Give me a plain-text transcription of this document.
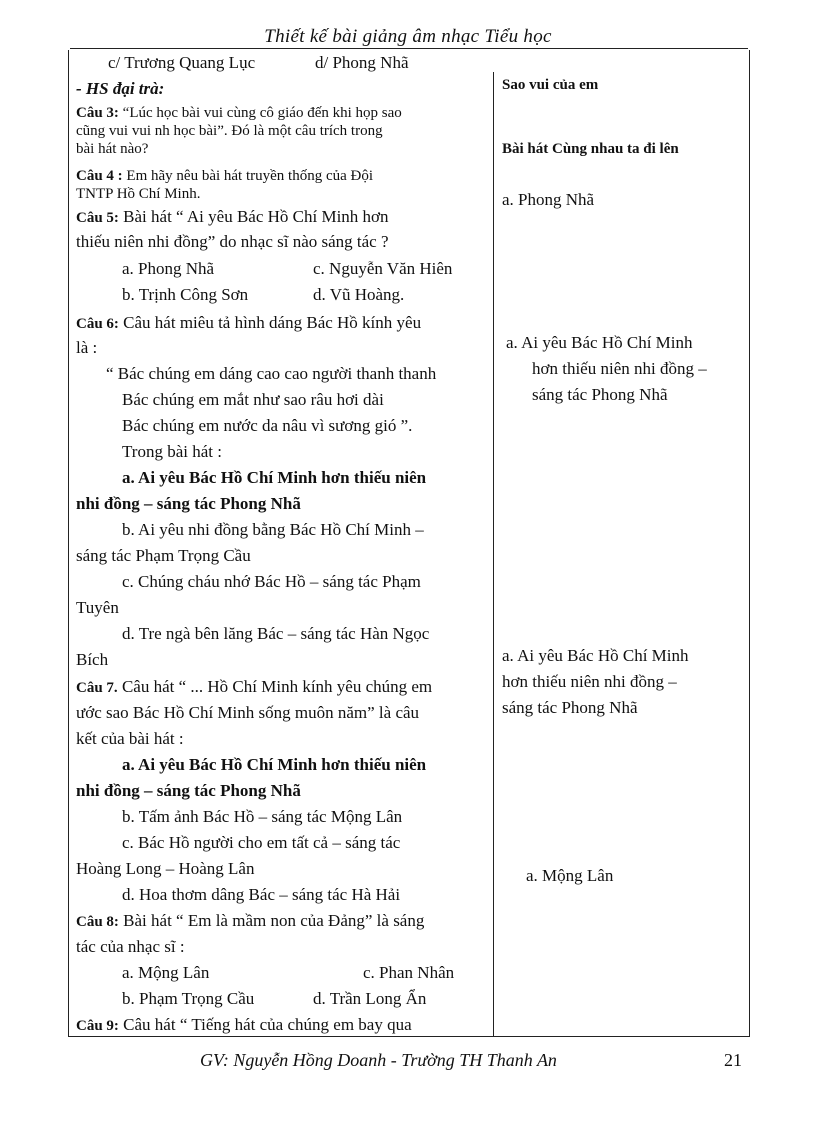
Thiết kế bài giảng âm nhạc Tiểu học
c/ Trương Quang Lục	d/ Phong Nhã
- HS đại trà:
Câu 3: “Lúc học bài vui cùng cô giáo đến khi họp sao
cũng vui vui nh học bài”. Đó là một câu trích trong
bài hát nào?
Câu 4 : Em hãy nêu bài hát truyền thống của Đội
TNTP Hồ Chí Minh.
Câu 5: Bài hát “ Ai yêu Bác Hồ Chí Minh hơn
thiếu niên nhi đồng” do nhạc sĩ nào sáng tác ?
a. Phong Nhã	c. Nguyễn Văn Hiên
b. Trịnh Công Sơn	d. Vũ Hoàng.
Câu 6: Câu hát miêu tả hình dáng Bác Hồ kính yêu
là :
“ Bác chúng em dáng cao cao người thanh thanh
Bác chúng em mắt như sao râu hơi dài
Bác chúng em nước da nâu vì sương gió ”.
Trong bài hát :
a. Ai yêu Bác Hồ Chí Minh hơn thiếu niên
nhi đồng – sáng tác Phong Nhã
b. Ai yêu nhi đồng bằng Bác Hồ Chí Minh –
sáng tác Phạm Trọng Cầu
c. Chúng cháu nhớ Bác Hồ – sáng tác Phạm
Tuyên
d. Tre ngà bên lăng Bác – sáng tác Hàn Ngọc
Bích
Câu 7. Câu hát “ ... Hồ Chí Minh kính yêu chúng em
ước sao Bác Hồ Chí Minh sống muôn năm” là câu
kết của bài hát :
a. Ai yêu Bác Hồ Chí Minh hơn thiếu niên
nhi đồng – sáng tác Phong Nhã
b. Tấm ảnh Bác Hồ – sáng tác Mộng Lân
c. Bác Hồ người cho em tất cả – sáng tác
Hoàng Long – Hoàng Lân
d. Hoa thơm dâng Bác – sáng tác Hà Hải
Câu 8: Bài hát “ Em là mầm non của Đảng” là sáng
tác của nhạc sĩ :
a. Mộng Lân	c. Phan Nhân
b. Phạm Trọng Cầu	d. Trần Long Ẩn
Câu 9: Câu hát “ Tiếng hát của chúng em bay qua
Sao vui của em
Bài hát Cùng nhau ta đi lên
a. Phong Nhã
a. Ai yêu Bác Hồ Chí Minh
hơn thiếu niên nhi đồng –
sáng tác Phong Nhã
a. Ai yêu Bác Hồ Chí Minh
hơn thiếu niên nhi đồng –
sáng tác Phong Nhã
a. Mộng Lân
GV: Nguyễn Hồng Doanh - Trường TH Thanh An	21
